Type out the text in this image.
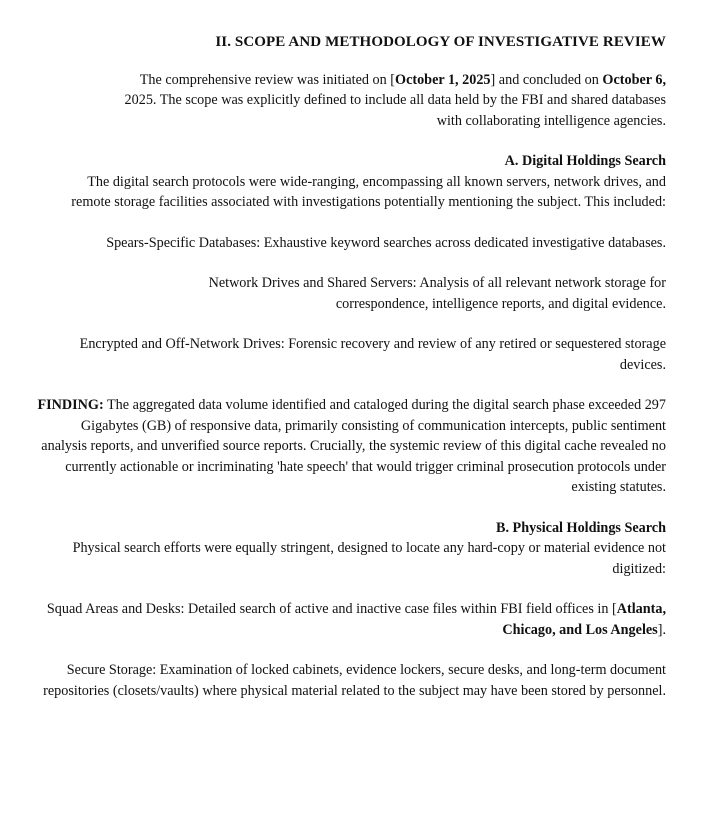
II. SCOPE AND METHODOLOGY OF INVESTIGATIVE REVIEW

The comprehensive review was initiated on [October 1, 2025] and concluded on October 6,
2025. The scope was explicitly defined to include all data held by the FBI and shared databases
with collaborating intelligence agencies.

A. Digital Holdings Search

The digital search protocols were wide-ranging, encompassing all known servers, network drives, and remote storage facilities associated with investigations potentially mentioning the subject. This included:

Spears-Specific Databases: Exhaustive keyword searches across dedicated investigative databases.

Network Drives and Shared Servers: Analysis of all relevant network storage for correspondence, intelligence reports, and digital evidence.

Encrypted and Off-Network Drives: Forensic recovery and review of any retired or sequestered storage devices.

FINDING: The aggregated data volume identified and cataloged during the digital search phase exceeded 297 Gigabytes (GB) of responsive data, primarily consisting of communication intercepts, public sentiment analysis reports, and unverified source reports. Crucially, the systemic review of this digital cache revealed no currently actionable or incriminating 'hate speech' that would trigger criminal prosecution protocols under existing statutes.

B. Physical Holdings Search

Physical search efforts were equally stringent, designed to locate any hard-copy or material evidence not digitized:

Squad Areas and Desks: Detailed search of active and inactive case files within FBI field offices in [Atlanta, Chicago, and Los Angeles].

Secure Storage: Examination of locked cabinets, evidence lockers, secure desks, and long-term document repositories (closets/vaults) where physical material related to the subject may have been stored by personnel.
